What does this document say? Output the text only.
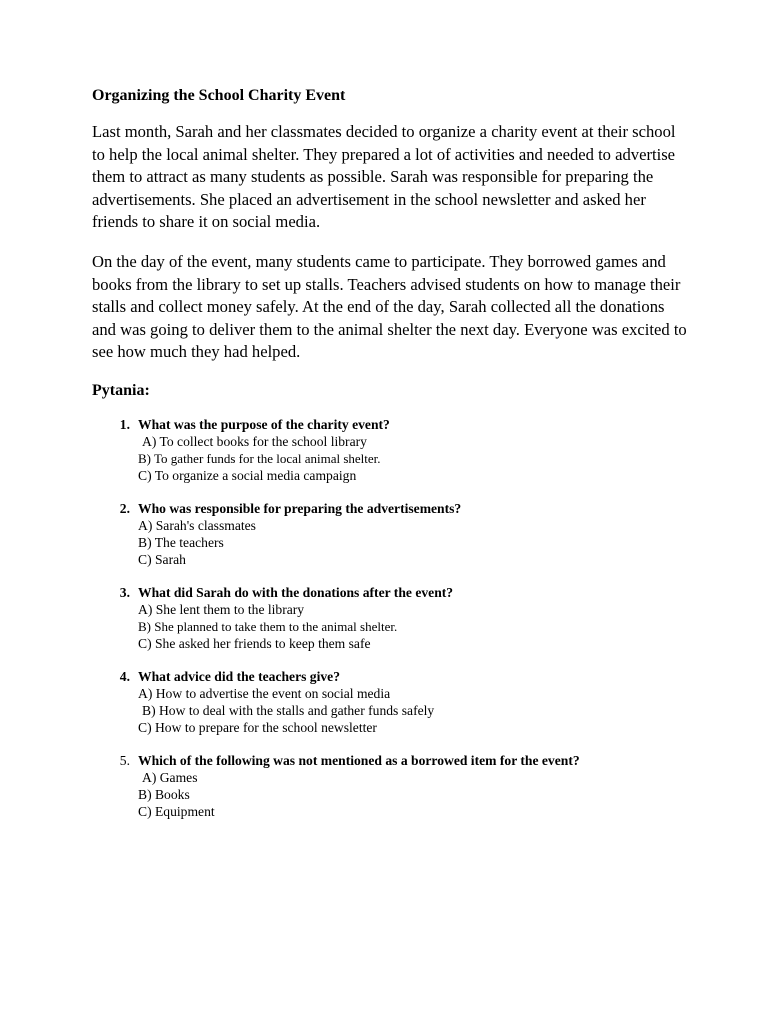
Organizing the School Charity Event

Last month, Sarah and her classmates decided to organize a charity event at their school to help the local animal shelter. They prepared a lot of activities and needed to advertise them to attract as many students as possible. Sarah was responsible for preparing the advertisements. She placed an advertisement in the school newsletter and asked her friends to share it on social media.

On the day of the event, many students came to participate. They borrowed games and books from the library to set up stalls. Teachers advised students on how to manage their stalls and collect money safely. At the end of the day, Sarah collected all the donations and was going to deliver them to the animal shelter the next day. Everyone was excited to see how much they had helped.

Pytania:
1. What was the purpose of the charity event?
A) To collect books for the school library
B) To gather funds for the local animal shelter.
C) To organize a social media campaign
2. Who was responsible for preparing the advertisements?
A) Sarah's classmates
B) The teachers
C) Sarah
3. What did Sarah do with the donations after the event?
A) She lent them to the library
B) She planned to take them to the animal shelter.
C) She asked her friends to keep them safe
4. What advice did the teachers give?
A) How to advertise the event on social media
B) How to deal with the stalls and gather funds safely
C) How to prepare for the school newsletter
5. Which of the following was not mentioned as a borrowed item for the event?
A) Games
B) Books
C) Equipment
